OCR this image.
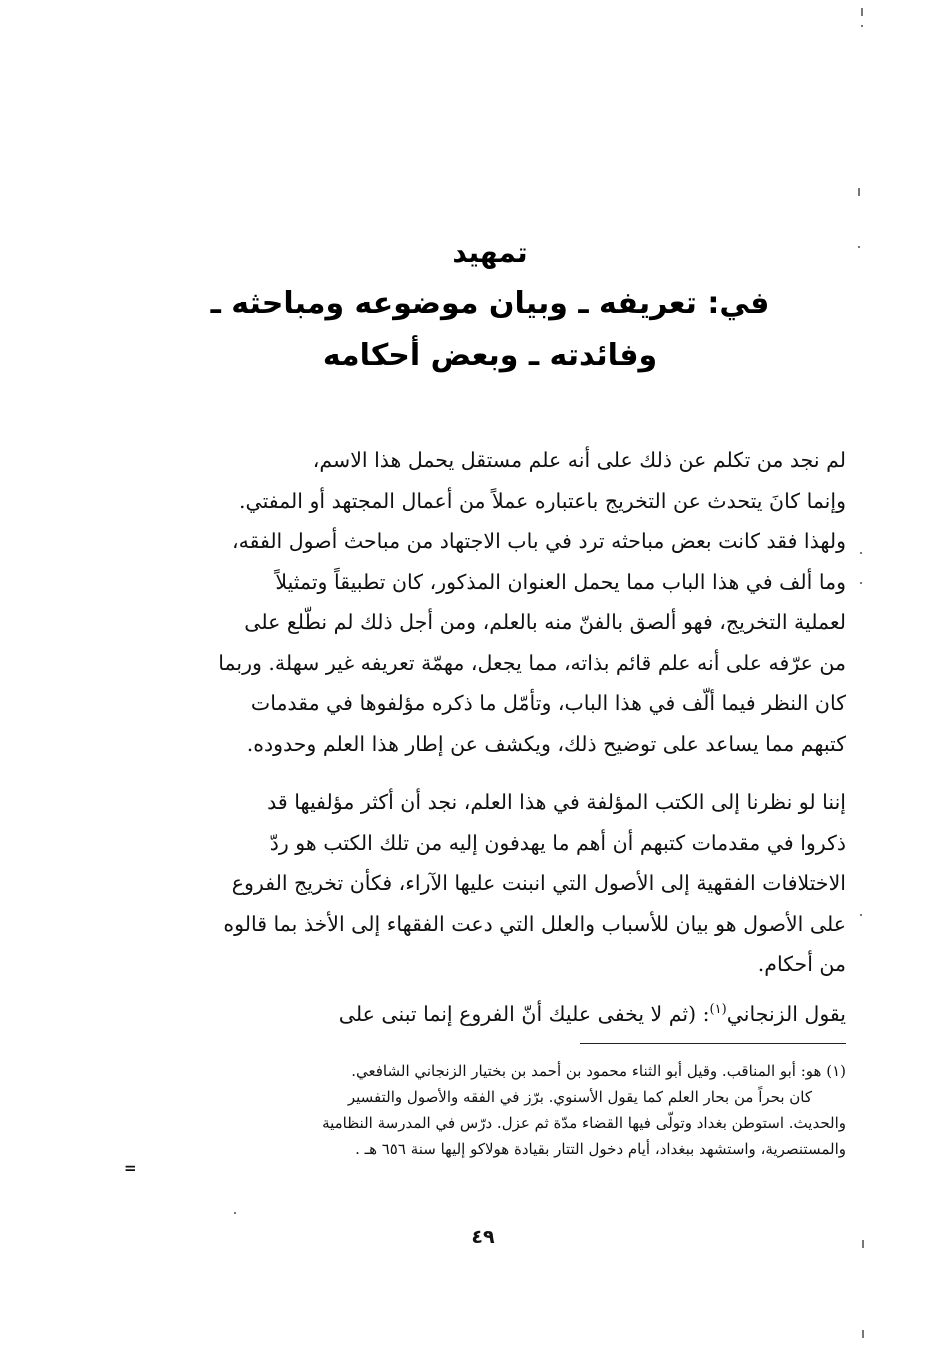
تمهيد
في: تعريفه ـ وبيان موضوعه ومباحثه ـ
وفائدته ـ وبعض أحكامه
لم نجد من تكلم عن ذلك على أنه علم مستقل يحمل هذا الاسم،
وإنما كانَ يتحدث عن التخريج باعتباره عملاً من أعمال المجتهد أو المفتي.
ولهذا فقد كانت بعض مباحثه ترد في باب الاجتهاد من مباحث أصول الفقه،
وما ألف في هذا الباب مما يحمل العنوان المذكور، كان تطبيقاً وتمثيلاً
لعملية التخريج، فهو ألصق بالفنّ منه بالعلم، ومن أجل ذلك لم نطّلع على
من عرّفه على أنه علم قائم بذاته، مما يجعل، مهمّة تعريفه غير سهلة. وربما
كان النظر فيما ألّف في هذا الباب، وتأمّل ما ذكره مؤلفوها في مقدمات
كتبهم مما يساعد على توضيح ذلك، ويكشف عن إطار هذا العلم وحدوده.
إننا لو نظرنا إلى الكتب المؤلفة في هذا العلم، نجد أن أكثر مؤلفيها قد
ذكروا في مقدمات كتبهم أن أهم ما يهدفون إليه من تلك الكتب هو ردّ
الاختلافات الفقهية إلى الأصول التي انبنت عليها الآراء، فكأن تخريج الفروع
على الأصول هو بيان للأسباب والعلل التي دعت الفقهاء إلى الأخذ بما قالوه
من أحكام.
يقول الزنجاني$^{(١)}$: (ثم لا يخفى عليك أنّ الفروع إنما تبنى على
(١) هو: أبو المناقب. وقيل أبو الثناء محمود بن أحمد بن بختيار الزنجاني الشافعي.
كان بحراً من بحار العلم كما يقول الأسنوي. برّز في الفقه والأصول والتفسير
والحديث. استوطن بغداد وتولّى فيها القضاء مدّة ثم عزل. درّس في المدرسة النظامية
والمستنصرية، واستشهد ببغداد، أيام دخول التتار بقيادة هولاكو إليها سنة ٦٥٦ هـ .
=
٤٩
